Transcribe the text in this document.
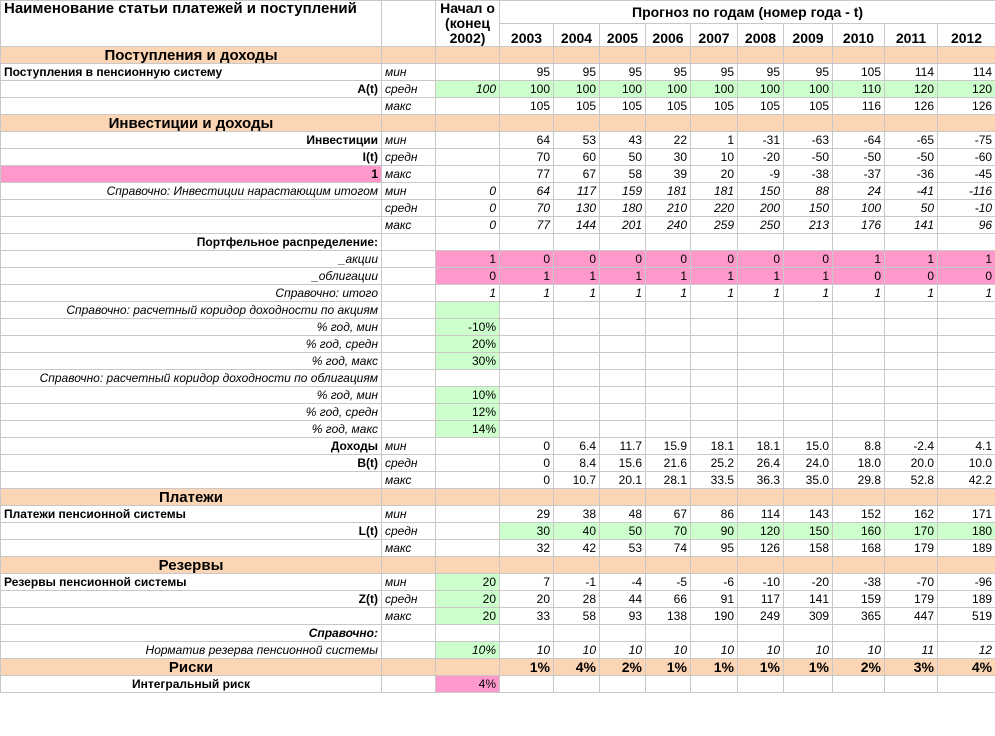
Наименование статьи платежей и поступлений		Начал о (конец 2002)	Прогноз по годам (номер года - t)									
			2003	2004	2005	2006	2007	2008	2009	2010	2011	2012
Поступления и доходы												
Поступления в пенсионную систему	мин		95	95	95	95	95	95	95	105	114	114
A(t)	средн	100	100	100	100	100	100	100	100	110	120	120
	макс		105	105	105	105	105	105	105	116	126	126
Инвестиции и доходы												
Инвестиции	мин		64	53	43	22	1	-31	-63	-64	-65	-75
I(t)	средн		70	60	50	30	10	-20	-50	-50	-50	-60
1	макс		77	67	58	39	20	-9	-38	-37	-36	-45
Справочно: Инвестиции нарастающим итогом	мин	0	64	117	159	181	181	150	88	24	-41	-116
	средн	0	70	130	180	210	220	200	150	100	50	-10
	макс	0	77	144	201	240	259	250	213	176	141	96
Портфельное распределение:												
_акции		1	0	0	0	0	0	0	0	1	1	1
_облигации		0	1	1	1	1	1	1	1	0	0	0
Справочно: итого		1	1	1	1	1	1	1	1	1	1	1
Справочно: расчетный коридор доходности по акциям												
% год, мин		-10%										
% год, средн		20%										
% год, макс		30%										
Справочно: расчетный коридор доходности по облигациям												
% год, мин		10%										
% год, средн		12%										
% год, макс		14%										
Доходы	мин		0	6.4	11.7	15.9	18.1	18.1	15.0	8.8	-2.4	4.1
B(t)	средн		0	8.4	15.6	21.6	25.2	26.4	24.0	18.0	20.0	10.0
	макс		0	10.7	20.1	28.1	33.5	36.3	35.0	29.8	52.8	42.2
Платежи												
Платежи пенсионной системы	мин		29	38	48	67	86	114	143	152	162	171
L(t)	средн		30	40	50	70	90	120	150	160	170	180
	макс		32	42	53	74	95	126	158	168	179	189
Резервы												
Резервы пенсионной системы	мин	20	7	-1	-4	-5	-6	-10	-20	-38	-70	-96
Z(t)	средн	20	20	28	44	66	91	117	141	159	179	189
	макс	20	33	58	93	138	190	249	309	365	447	519
Справочно:												
Норматив резерва пенсионной системы		10%	10	10	10	10	10	10	10	10	11	12
Риски			1%	4%	2%	1%	1%	1%	1%	2%	3%	4%
Интегральный риск		4%										
